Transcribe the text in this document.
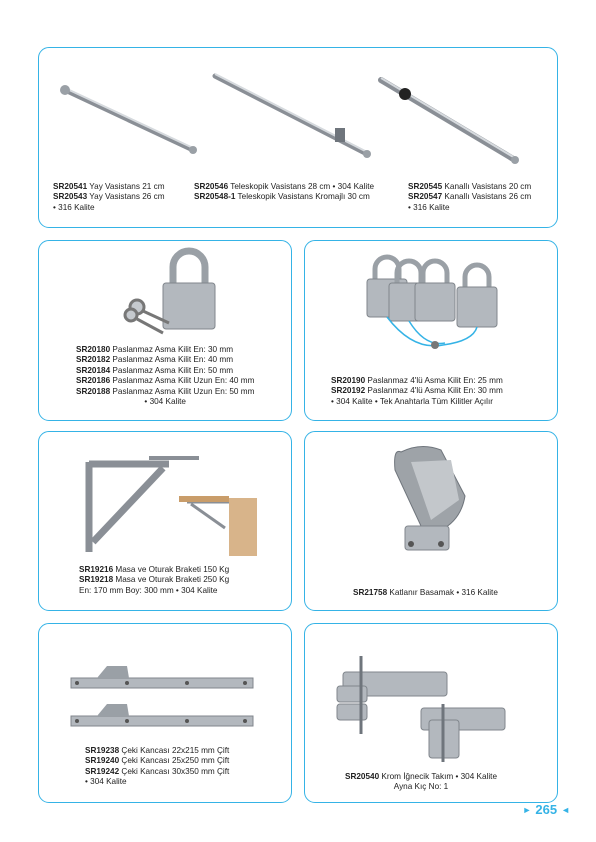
SR20541 Yay Vasistans 21 cm
SR20543 Yay Vasistans 26 cm
• 316 Kalite
SR20546 Teleskopik Vasistans 28 cm • 304 Kalite
SR20548-1 Teleskopik Vasistans Kromajlı 30 cm
SR20545 Kanallı Vasistans 20 cm
SR20547 Kanallı Vasistans 26 cm
• 316 Kalite
SR20180 Paslanmaz Asma Kilit En: 30 mm
SR20182 Paslanmaz Asma Kilit En: 40 mm
SR20184 Paslanmaz Asma Kilit En: 50 mm
SR20186 Paslanmaz Asma Kilit Uzun En: 40 mm
SR20188 Paslanmaz Asma Kilit Uzun En: 50 mm
• 304 Kalite
SR20190 Paslanmaz 4'lü Asma Kilit En: 25 mm
SR20192 Paslanmaz 4'lü Asma Kilit En: 30 mm
• 304 Kalite • Tek Anahtarla Tüm Kilitler Açılır
SR19216 Masa ve Oturak Braketi 150 Kg
SR19218 Masa ve Oturak Braketi 250 Kg
En: 170 mm Boy: 300 mm • 304 Kalite	SR21758 Katlanır Basamak • 316 Kalite
SR19238 Çeki Kancası 22x215 mm Çift
SR19240 Çeki Kancası 25x250 mm Çift
SR19242 Çeki Kancası 30x350 mm Çift
• 304 Kalite
SR20540 Krom İğnecik Takım • 304 Kalite
Ayna Kıç No: 1
► 265 ◄
